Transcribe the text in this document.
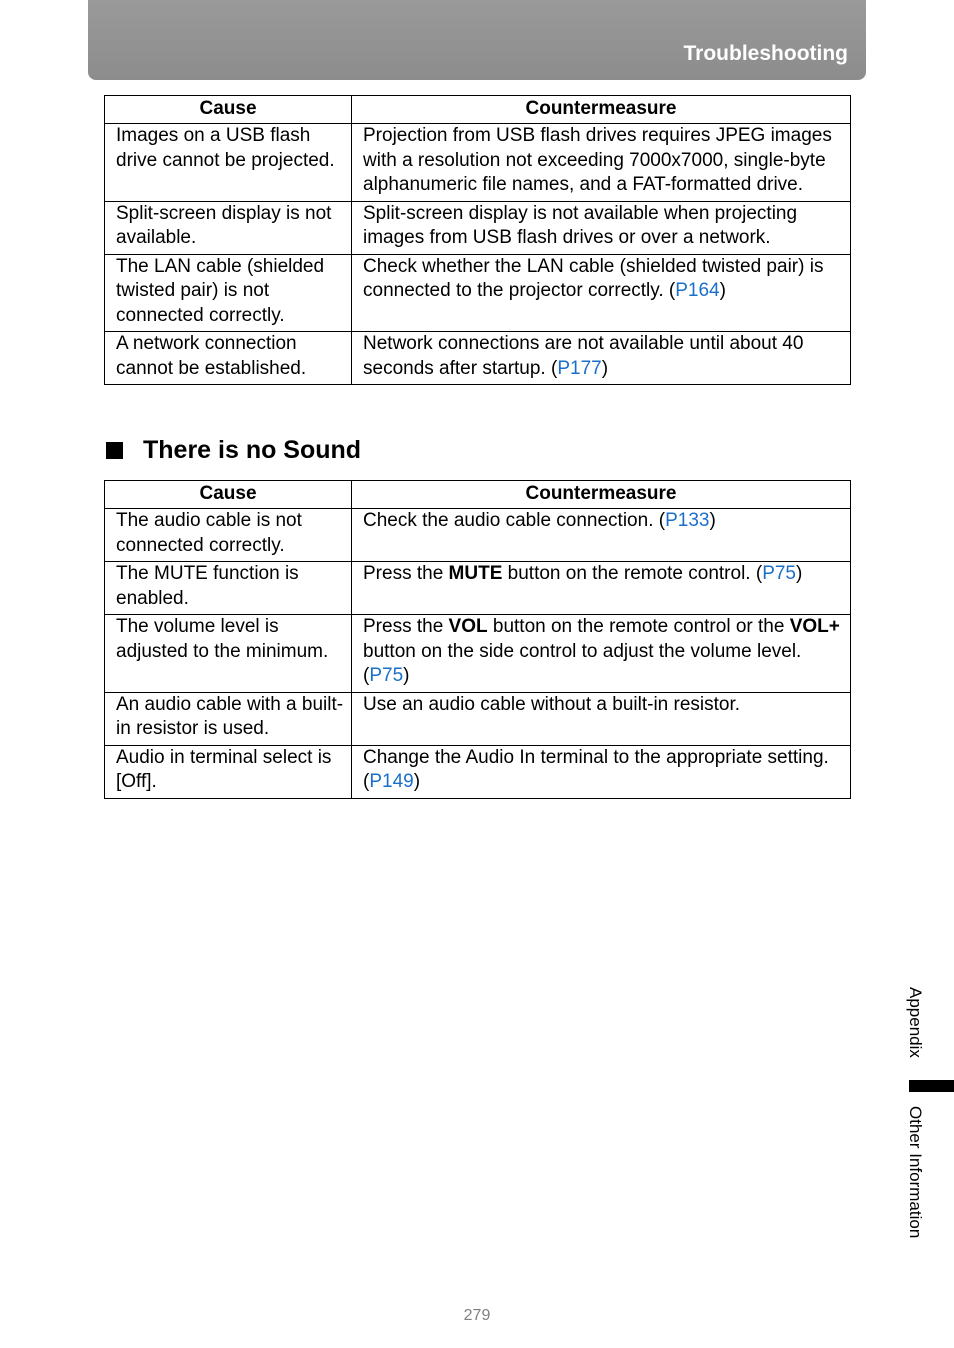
Troubleshooting
Cause	Countermeasure
Images on a USB flash drive cannot be projected.	Projection from USB flash drives requires JPEG images with a resolution not exceeding 7000x7000, single-byte alphanumeric file names, and a FAT-formatted drive.
Split-screen display is not available.	Split-screen display is not available when projecting images from USB flash drives or over a network.
The LAN cable (shielded twisted pair) is not connected correctly.	Check whether the LAN cable (shielded twisted pair) is connected to the projector correctly. (P164)
A network connection cannot be established.	Network connections are not available until about 40 seconds after startup. (P177)
There is no Sound
Cause	Countermeasure
The audio cable is not connected correctly.	Check the audio cable connection. (P133)
The MUTE function is enabled.	Press the MUTE button on the remote control. (P75)
The volume level is adjusted to the minimum.	Press the VOL button on the remote control or the VOL+ button on the side control to adjust the volume level. (P75)
An audio cable with a built-in resistor is used.	Use an audio cable without a built-in resistor.
Audio in terminal select is [Off].	Change the Audio In terminal to the appropriate setting. (P149)
Appendix
Other Information
279
